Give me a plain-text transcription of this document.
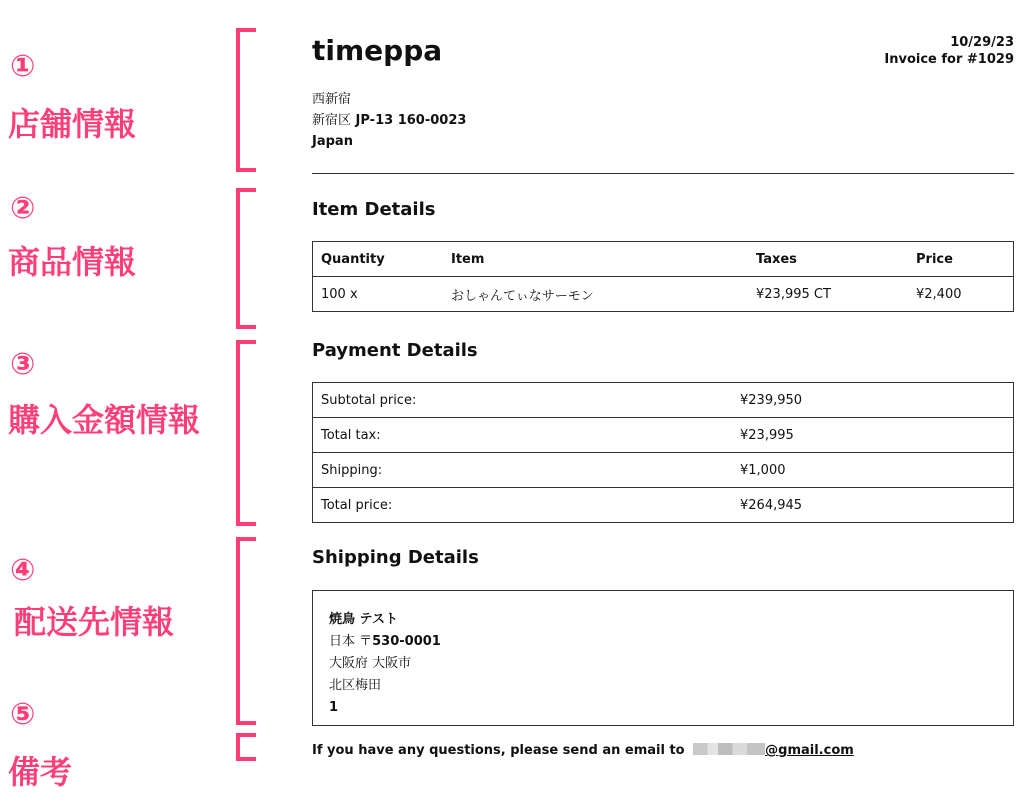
①
店舗情報
②
商品情報
③
購入金額情報
④
配送先情報
⑤
備考
timeppa	10/29/23
Invoice for #1029
西新宿
新宿区 JP-13 160-0023
Japan
Item Details
Quantity	Item	Taxes	Price
100 x	おしゃんてぃなサーモン	¥23,995 CT	¥2,400
Payment Details
Subtotal price:	¥239,950
Total tax:	¥23,995
Shipping:	¥1,000
Total price:	¥264,945
Shipping Details
焼鳥 テスト
日本 〒530-0001
大阪府 大阪市
北区梅田
1
If you have any questions, please send an email to	@gmail.com
